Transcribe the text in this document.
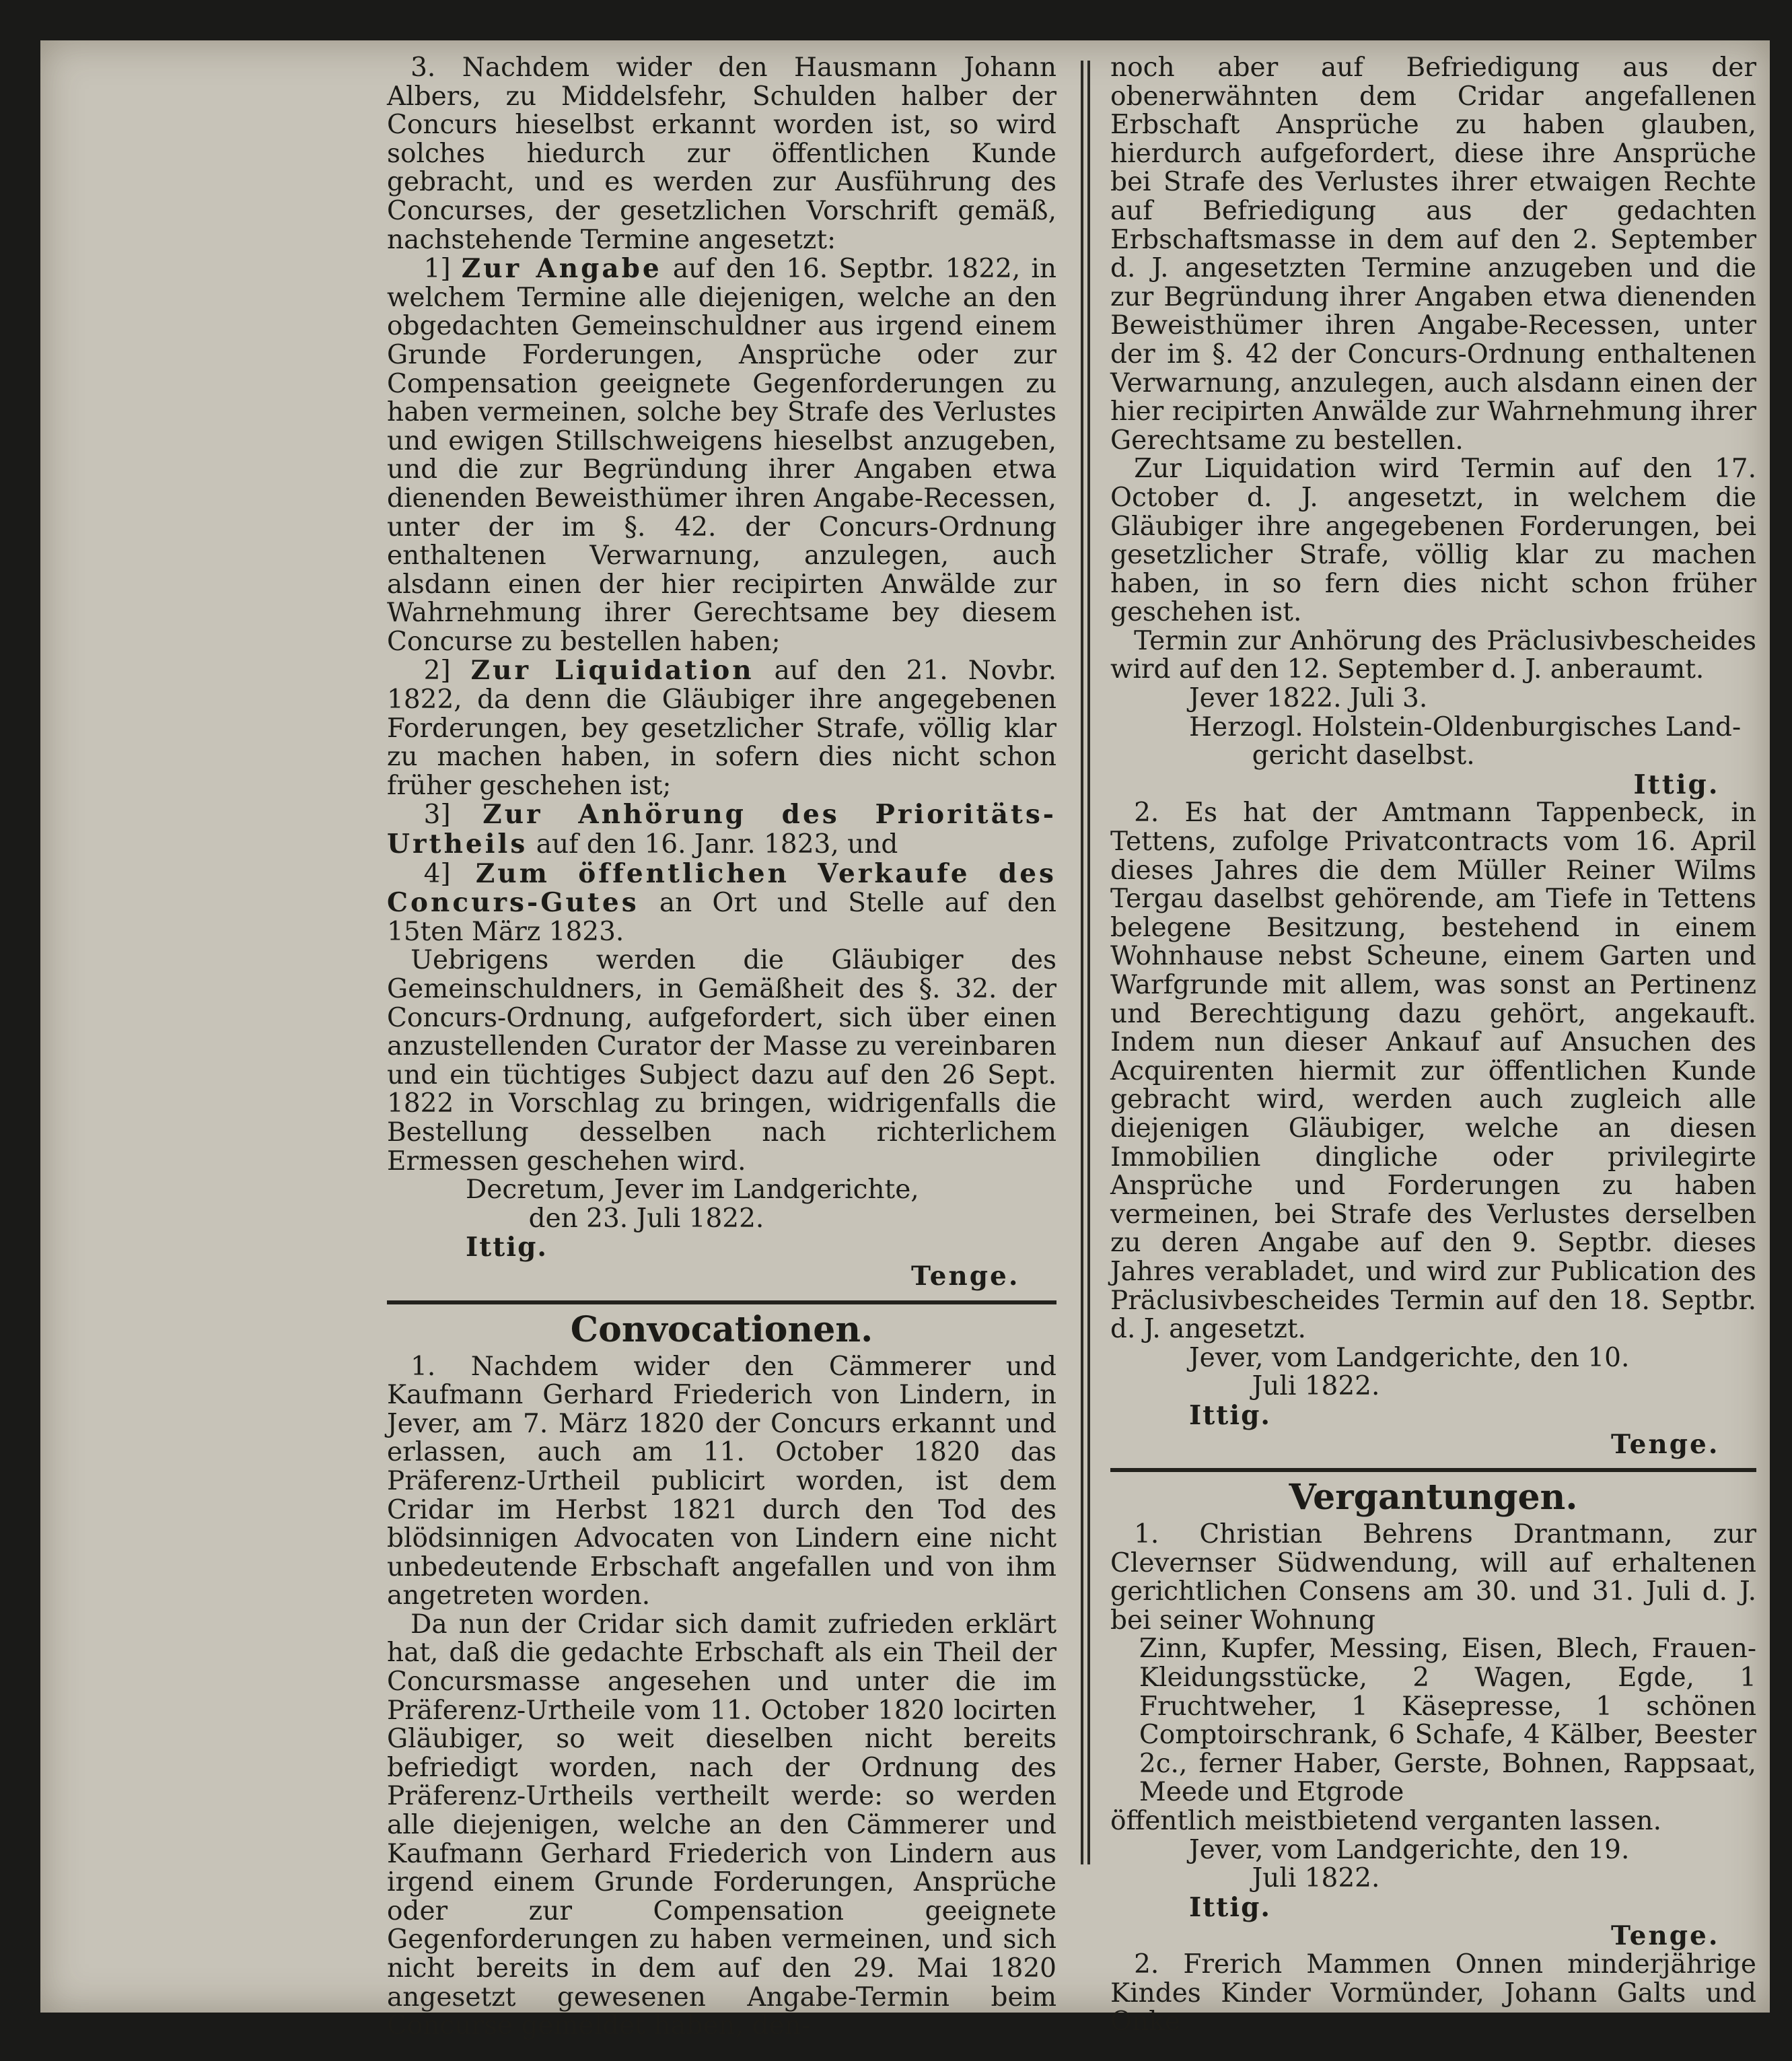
3. Nachdem wider den Hausmann Johann Albers, zu Middelsfehr, Schulden halber der Concurs hieselbst erkannt worden ist, so wird solches hiedurch zur öffentlichen Kunde gebracht, und es werden zur Ausführung des Concurses, der gesetzlichen Vorschrift gemäß, nachstehende Termine angesetzt:

1] Zur Angabe auf den 16. Septbr. 1822, in welchem Termine alle diejenigen, welche an den obgedachten Gemeinschuldner aus irgend einem Grunde Forderungen, Ansprüche oder zur Compensation geeignete Gegenforderungen zu haben vermeinen, solche bey Strafe des Verlustes und ewigen Stillschweigens hieselbst anzugeben, und die zur Begründung ihrer Angaben etwa dienenden Beweisthümer ihren Angabe-Recessen, unter der im §. 42. der Concurs-Ordnung enthaltenen Verwarnung, anzulegen, auch alsdann einen der hier recipirten Anwälde zur Wahrnehmung ihrer Gerechtsame bey diesem Concurse zu bestellen haben;

2] Zur Liquidation auf den 21. Novbr. 1822, da denn die Gläubiger ihre angegebenen Forderungen, bey gesetzlicher Strafe, völlig klar zu machen haben, in sofern dies nicht schon früher geschehen ist;

3] Zur Anhörung des Prioritäts-Urtheils auf den 16. Janr. 1823, und

4] Zum öffentlichen Verkaufe des Concurs-Gutes an Ort und Stelle auf den 15ten März 1823.

Uebrigens werden die Gläubiger des Gemeinschuldners, in Gemäßheit des §. 32. der Concurs-Ordnung, aufgefordert, sich über einen anzustellenden Curator der Masse zu vereinbaren und ein tüchtiges Subject dazu auf den 26 Sept. 1822 in Vorschlag zu bringen, widrigenfalls die Bestellung desselben nach richterlichem Ermessen geschehen wird.

Decretum, Jever im Landgerichte,

den 23. Juli 1822.

Ittig.

Tenge.

Convocationen.

1. Nachdem wider den Cämmerer und Kaufmann Gerhard Friederich von Lindern, in Jever, am 7. März 1820 der Concurs erkannt und erlassen, auch am 11. October 1820 das Präferenz-Urtheil publicirt worden, ist dem Cridar im Herbst 1821 durch den Tod des blödsinnigen Advocaten von Lindern eine nicht unbedeutende Erbschaft angefallen und von ihm angetreten worden.

Da nun der Cridar sich damit zufrieden erklärt hat, daß die gedachte Erbschaft als ein Theil der Concursmasse angesehen und unter die im Präferenz-Urtheile vom 11. October 1820 locirten Gläubiger, so weit dieselben nicht bereits befriedigt worden, nach der Ordnung des Präferenz-Urtheils vertheilt werde: so werden alle diejenigen, welche an den Cämmerer und Kaufmann Gerhard Friederich von Lindern aus irgend einem Grunde Forderungen, Ansprüche oder zur Compensation geeignete Gegenforderungen zu haben vermeinen, und sich nicht bereits in dem auf den 29. Mai 1820 angesetzt gewesenen Angabe-Termin beim Concurse gemeldet haben, den-

noch aber auf Befriedigung aus der obenerwähnten dem Cridar angefallenen Erbschaft Ansprüche zu haben glauben, hierdurch aufgefordert, diese ihre Ansprüche bei Strafe des Verlustes ihrer etwaigen Rechte auf Befriedigung aus der gedachten Erbschaftsmasse in dem auf den 2. September d. J. angesetzten Termine anzugeben und die zur Begründung ihrer Angaben etwa dienenden Beweisthümer ihren Angabe-Recessen, unter der im §. 42 der Concurs-Ordnung enthaltenen Verwarnung, anzulegen, auch alsdann einen der hier recipirten Anwälde zur Wahrnehmung ihrer Gerechtsame zu bestellen.

Zur Liquidation wird Termin auf den 17. October d. J. angesetzt, in welchem die Gläubiger ihre angegebenen Forderungen, bei gesetzlicher Strafe, völlig klar zu machen haben, in so fern dies nicht schon früher geschehen ist.

Termin zur Anhörung des Präclusivbescheides wird auf den 12. September d. J. anberaumt.

Jever 1822. Juli 3.

Herzogl. Holstein-Oldenburgisches Land-

gericht daselbst.

Ittig.

2. Es hat der Amtmann Tappenbeck, in Tettens, zufolge Privatcontracts vom 16. April dieses Jahres die dem Müller Reiner Wilms Tergau daselbst gehörende, am Tiefe in Tettens belegene Besitzung, bestehend in einem Wohnhause nebst Scheune, einem Garten und Warfgrunde mit allem, was sonst an Pertinenz und Berechtigung dazu gehört, angekauft. Indem nun dieser Ankauf auf Ansuchen des Acquirenten hiermit zur öffentlichen Kunde gebracht wird, werden auch zugleich alle diejenigen Gläubiger, welche an diesen Immobilien dingliche oder privilegirte Ansprüche und Forderungen zu haben vermeinen, bei Strafe des Verlustes derselben zu deren Angabe auf den 9. Septbr. dieses Jahres verabladet, und wird zur Publication des Präclusivbescheides Termin auf den 18. Septbr. d. J. angesetzt.

Jever, vom Landgerichte, den 10.

Juli 1822.

Ittig.

Tenge.

Vergantungen.

1. Christian Behrens Drantmann, zur Clevernser Südwendung, will auf erhaltenen gerichtlichen Consens am 30. und 31. Juli d. J. bei seiner Wohnung

Zinn, Kupfer, Messing, Eisen, Blech, Frauen-Kleidungsstücke, 2 Wagen, Egde, 1 Fruchtweher, 1 Käsepresse, 1 schönen Comptoirschrank, 6 Schafe, 4 Kälber, Beester 2c., ferner Haber, Gerste, Bohnen, Rappsaat, Meede und Etgrode

öffentlich meistbietend verganten lassen.

Jever, vom Landgerichte, den 19.

Juli 1822.

Ittig.

Tenge.

2. Frerich Mammen Onnen minderjährige Kindes Kinder Vormünder, Johann Galts und Onke
